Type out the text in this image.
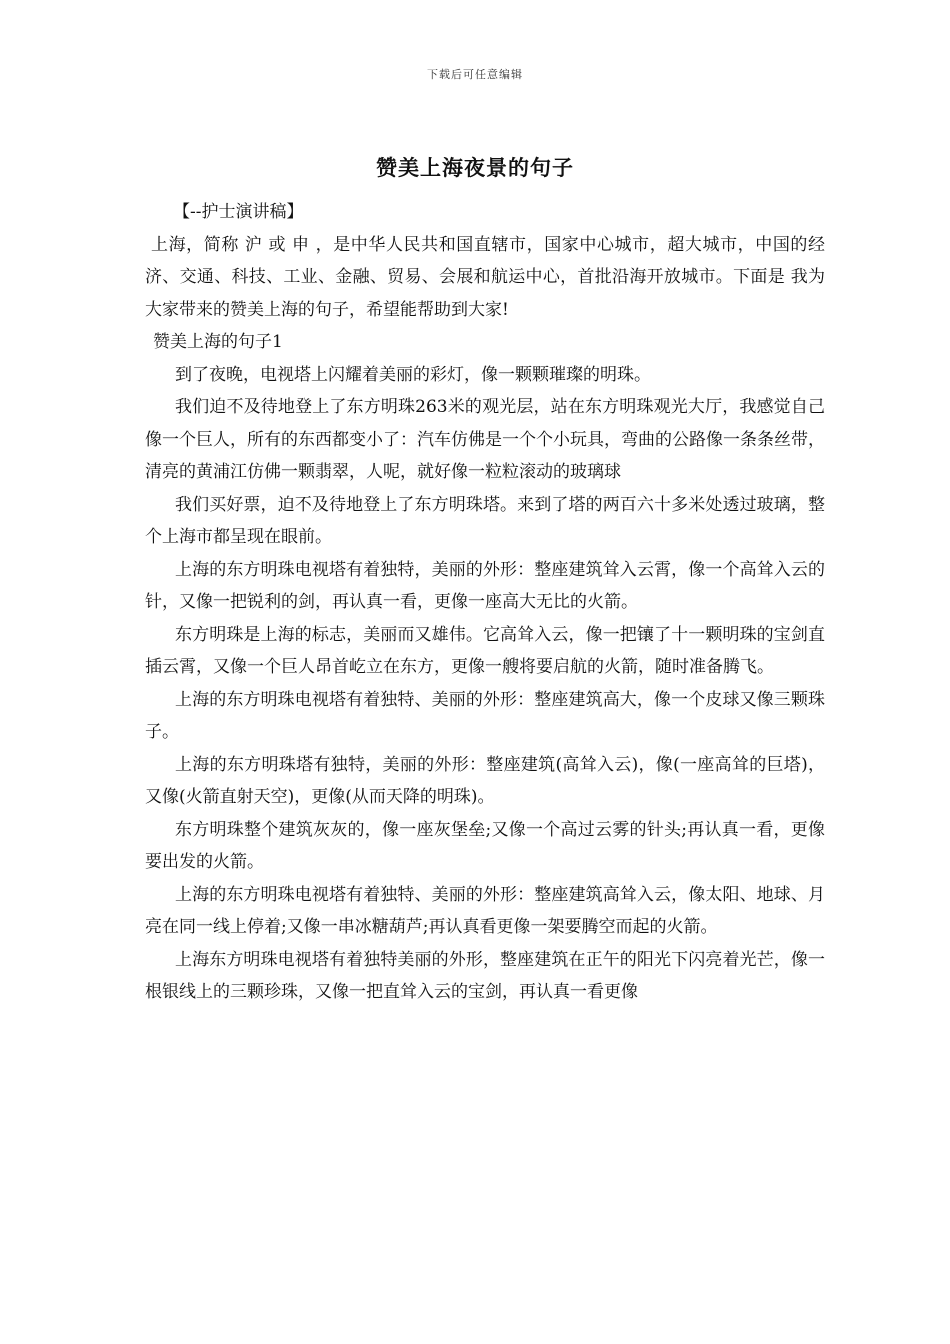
下载后可任意编辑
赞美上海夜景的句子

【--护士演讲稿】

上海，简称 沪 或 申 ，是中华人民共和国直辖市，国家中心城市，超大城市，中国的经济、交通、科技、工业、金融、贸易、会展和航运中心，首批沿海开放城市。下面是 我为大家带来的赞美上海的句子，希望能帮助到大家!

赞美上海的句子1

到了夜晚，电视塔上闪耀着美丽的彩灯，像一颗颗璀璨的明珠。

我们迫不及待地登上了东方明珠263米的观光层，站在东方明珠观光大厅，我感觉自己像一个巨人，所有的东西都变小了：汽车仿佛是一个个小玩具，弯曲的公路像一条条丝带，清亮的黄浦江仿佛一颗翡翠，人呢，就好像一粒粒滚动的玻璃球

我们买好票，迫不及待地登上了东方明珠塔。来到了塔的两百六十多米处透过玻璃，整个上海市都呈现在眼前。

上海的东方明珠电视塔有着独特，美丽的外形：整座建筑耸入云霄，像一个高耸入云的针，又像一把锐利的剑，再认真一看，更像一座高大无比的火箭。

东方明珠是上海的标志，美丽而又雄伟。它高耸入云，像一把镶了十一颗明珠的宝剑直插云霄，又像一个巨人昂首屹立在东方，更像一艘将要启航的火箭，随时准备腾飞。

上海的东方明珠电视塔有着独特、美丽的外形：整座建筑高大，像一个皮球又像三颗珠子。

上海的东方明珠塔有独特，美丽的外形：整座建筑(高耸入云)，像(一座高耸的巨塔)，又像(火箭直射天空)，更像(从而天降的明珠)。

东方明珠整个建筑灰灰的，像一座灰堡垒;又像一个高过云雾的针头;再认真一看，更像要出发的火箭。

上海的东方明珠电视塔有着独特、美丽的外形：整座建筑高耸入云，像太阳、地球、月亮在同一线上停着;又像一串冰糖葫芦;再认真看更像一架要腾空而起的火箭。

上海东方明珠电视塔有着独特美丽的外形，整座建筑在正午的阳光下闪亮着光芒，像一根银线上的三颗珍珠，又像一把直耸入云的宝剑，再认真一看更像
